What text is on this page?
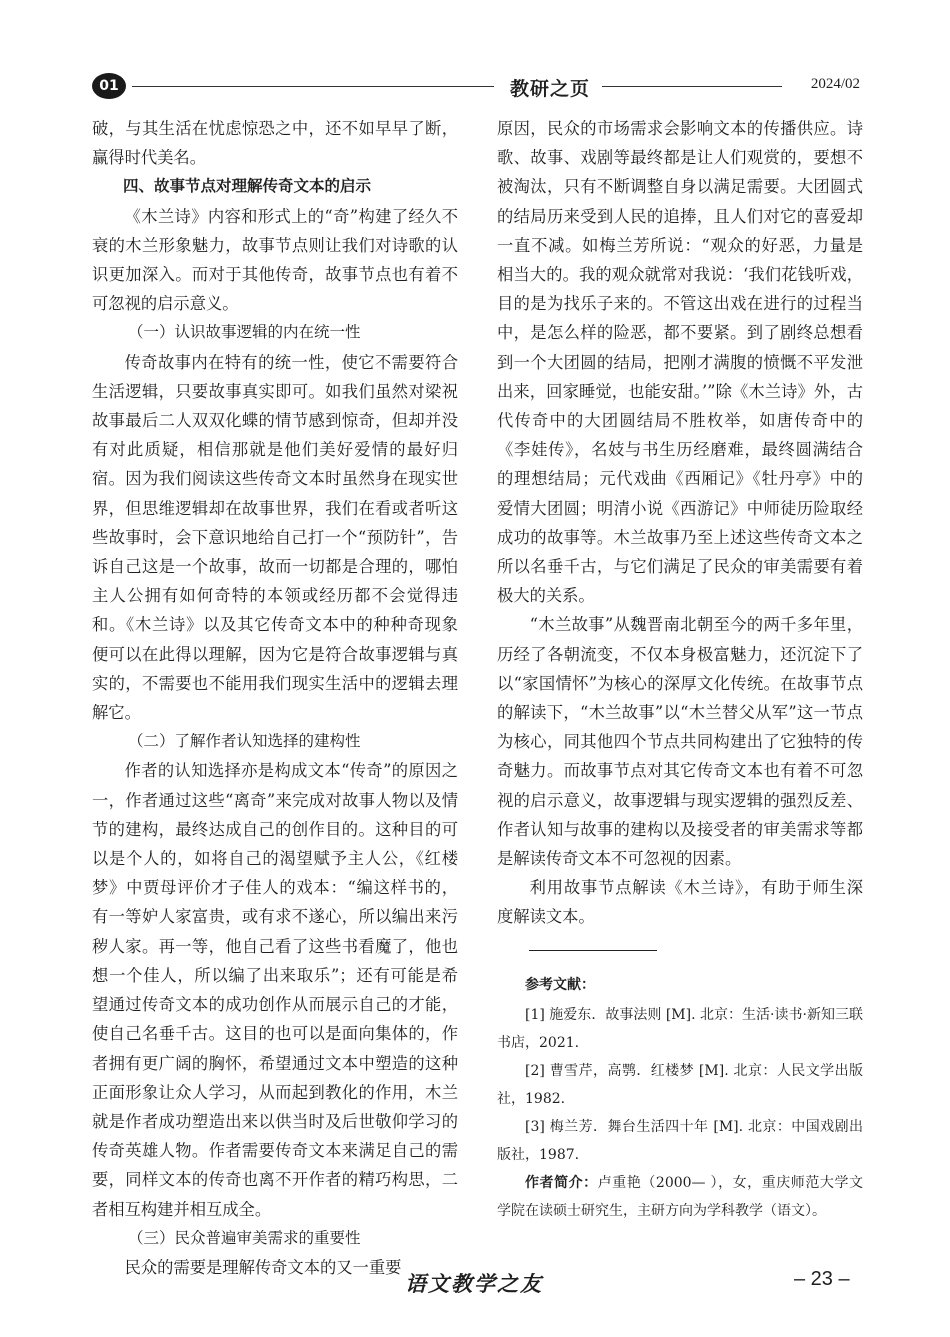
01	教研之页	2024/02

破，与其生活在忧虑惊恐之中，还不如早早了断，赢得时代美名。

四、故事节点对理解传奇文本的启示

《木兰诗》内容和形式上的“奇”构建了经久不衰的木兰形象魅力，故事节点则让我们对诗歌的认识更加深入。而对于其他传奇，故事节点也有着不可忽视的启示意义。

（一）认识故事逻辑的内在统一性

传奇故事内在特有的统一性，使它不需要符合生活逻辑，只要故事真实即可。如我们虽然对梁祝故事最后二人双双化蝶的情节感到惊奇，但却并没有对此质疑，相信那就是他们美好爱情的最好归宿。因为我们阅读这些传奇文本时虽然身在现实世界，但思维逻辑却在故事世界，我们在看或者听这些故事时，会下意识地给自己打一个“预防针”，告诉自己这是一个故事，故而一切都是合理的，哪怕主人公拥有如何奇特的本领或经历都不会觉得违和。《木兰诗》以及其它传奇文本中的种种奇现象便可以在此得以理解，因为它是符合故事逻辑与真实的，不需要也不能用我们现实生活中的逻辑去理解它。

（二）了解作者认知选择的建构性

作者的认知选择亦是构成文本“传奇”的原因之一，作者通过这些“离奇”来完成对故事人物以及情节的建构，最终达成自己的创作目的。这种目的可以是个人的，如将自己的渴望赋予主人公，《红楼梦》中贾母评价才子佳人的戏本：“编这样书的，有一等妒人家富贵，或有求不遂心，所以编出来污秽人家。再一等，他自己看了这些书看魔了，他也想一个佳人，所以编了出来取乐”；还有可能是希望通过传奇文本的成功创作从而展示自己的才能，使自己名垂千古。这目的也可以是面向集体的，作者拥有更广阔的胸怀，希望通过文本中塑造的这种正面形象让众人学习，从而起到教化的作用，木兰就是作者成功塑造出来以供当时及后世敬仰学习的传奇英雄人物。作者需要传奇文本来满足自己的需要，同样文本的传奇也离不开作者的精巧构思，二者相互构建并相互成全。

（三）民众普遍审美需求的重要性

民众的需要是理解传奇文本的又一重要

原因，民众的市场需求会影响文本的传播供应。诗歌、故事、戏剧等最终都是让人们观赏的，要想不被淘汰，只有不断调整自身以满足需要。大团圆式的结局历来受到人民的追捧，且人们对它的喜爱却一直不减。如梅兰芳所说：“观众的好恶，力量是相当大的。我的观众就常对我说：‘我们花钱听戏，目的是为找乐子来的。不管这出戏在进行的过程当中，是怎么样的险恶，都不要紧。到了剧终总想看到一个大团圆的结局，把刚才满腹的愤慨不平发泄出来，回家睡觉，也能安甜。’”除《木兰诗》外，古代传奇中的大团圆结局不胜枚举，如唐传奇中的《李娃传》，名妓与书生历经磨难，最终圆满结合的理想结局；元代戏曲《西厢记》《牡丹亭》中的爱情大团圆；明清小说《西游记》中师徒历险取经成功的故事等。木兰故事乃至上述这些传奇文本之所以名垂千古，与它们满足了民众的审美需要有着极大的关系。

“木兰故事”从魏晋南北朝至今的两千多年里，历经了各朝流变，不仅本身极富魅力，还沉淀下了以“家国情怀”为核心的深厚文化传统。在故事节点的解读下，“木兰故事”以“木兰替父从军”这一节点为核心，同其他四个节点共同构建出了它独特的传奇魅力。而故事节点对其它传奇文本也有着不可忽视的启示意义，故事逻辑与现实逻辑的强烈反差、作者认知与故事的建构以及接受者的审美需求等都是解读传奇文本不可忽视的因素。

利用故事节点解读《木兰诗》，有助于师生深度解读文本。

参考文献：

[1] 施爱东．故事法则 [M]. 北京：生活·读书·新知三联书店，2021.

[2] 曹雪芹，高鹗．红楼梦 [M]. 北京：人民文学出版社，1982.

[3] 梅兰芳．舞台生活四十年 [M]. 北京：中国戏剧出版社，1987.

作者简介：卢重艳（2000— ），女，重庆师范大学文学院在读硕士研究生，主研方向为学科教学（语文）。

语文教学之友	– 23 –
